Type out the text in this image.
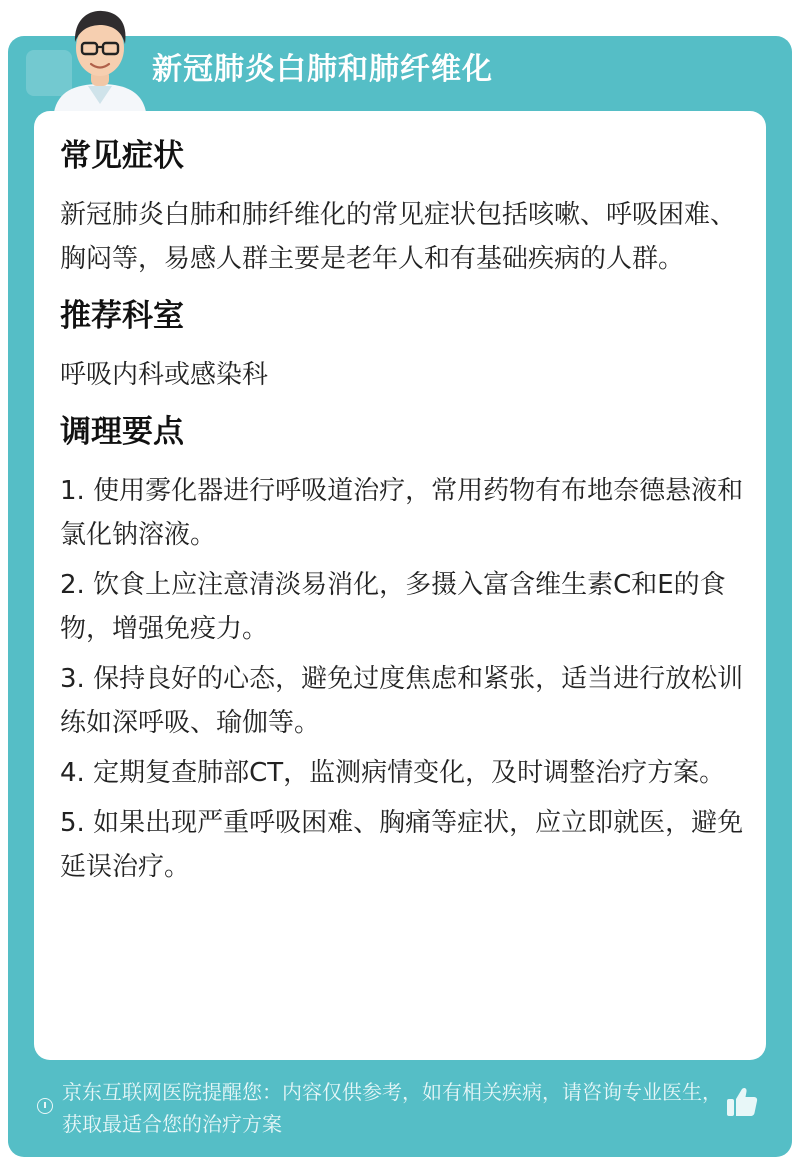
新冠肺炎白肺和肺纤维化
常见症状
新冠肺炎白肺和肺纤维化的常见症状包括咳嗽、呼吸困难、胸闷等，易感人群主要是老年人和有基础疾病的人群。
推荐科室
呼吸内科或感染科
调理要点
1. 使用雾化器进行呼吸道治疗，常用药物有布地奈德悬液和氯化钠溶液。
2. 饮食上应注意清淡易消化，多摄入富含维生素C和E的食物，增强免疫力。
3. 保持良好的心态，避免过度焦虑和紧张，适当进行放松训练如深呼吸、瑜伽等。
4. 定期复查肺部CT，监测病情变化，及时调整治疗方案。
5. 如果出现严重呼吸困难、胸痛等症状，应立即就医，避免延误治疗。
京东互联网医院提醒您：内容仅供参考，如有相关疾病，请咨询专业医生，获取最适合您的治疗方案
